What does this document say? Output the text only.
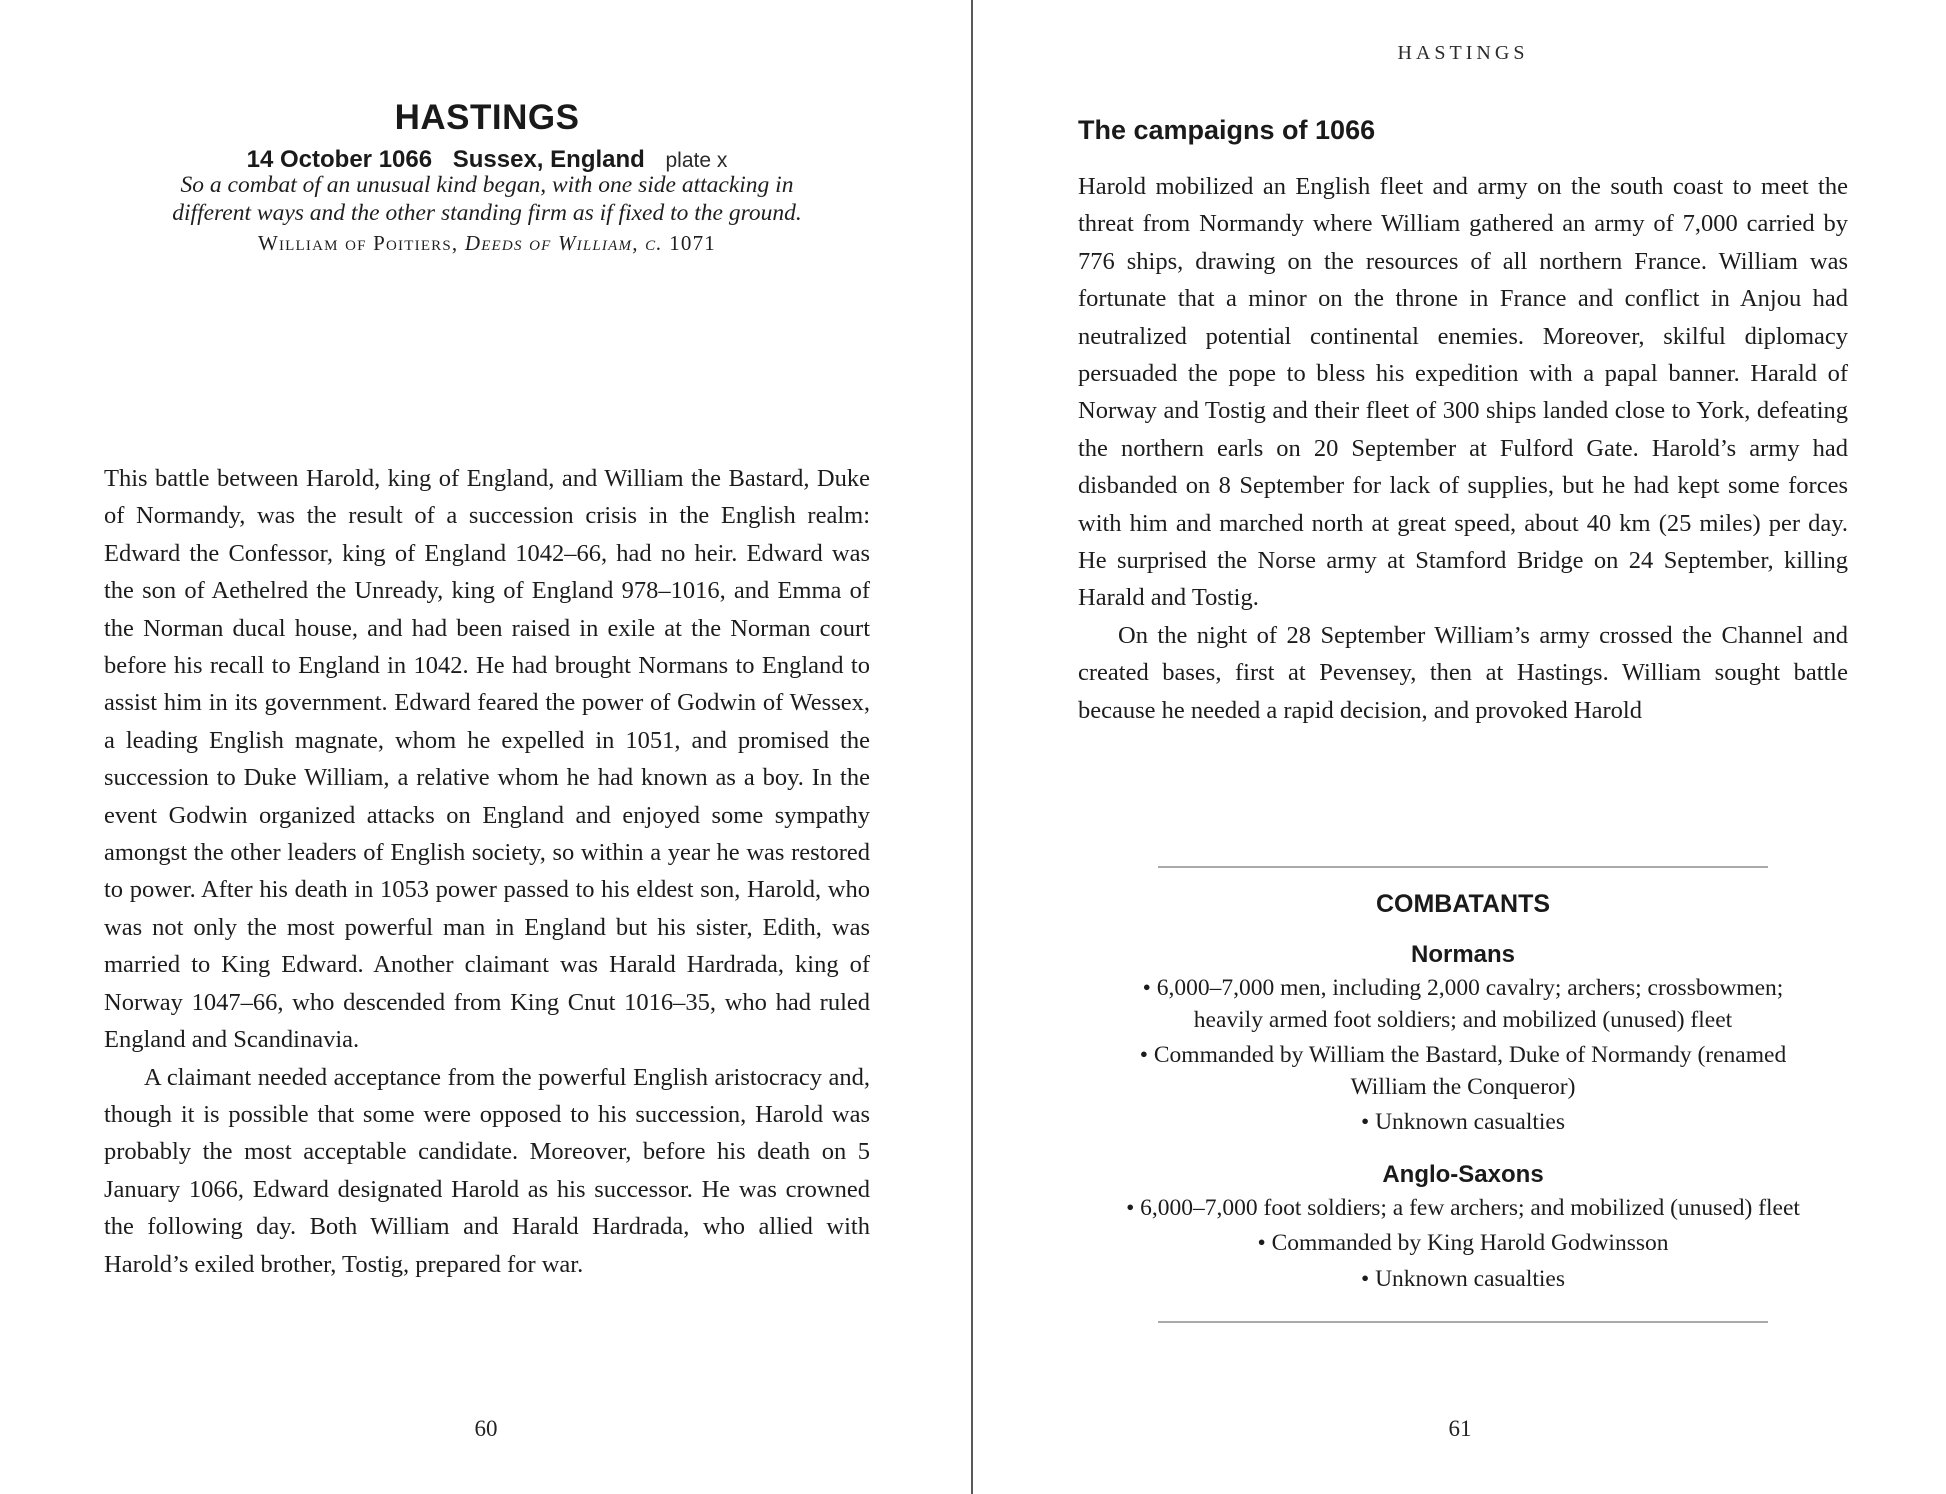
HASTINGS
14 October 1066 Sussex, England plate x
So a combat of an unusual kind began, with one side attacking in
different ways and the other standing firm as if fixed to the ground.
William of Poitiers, Deeds of William, c. 1071

This battle between Harold, king of England, and William the Bastard, Duke of Normandy, was the result of a succession crisis in the English realm: Edward the Confessor, king of England 1042–66, had no heir. Edward was the son of Aethelred the Unready, king of England 978–1016, and Emma of the Norman ducal house, and had been raised in exile at the Norman court before his recall to England in 1042. He had brought Normans to England to assist him in its government. Edward feared the power of Godwin of Wessex, a leading English magnate, whom he expelled in 1051, and promised the succession to Duke William, a relative whom he had known as a boy. In the event Godwin organized attacks on England and enjoyed some sympathy amongst the other leaders of English society, so within a year he was restored to power. After his death in 1053 power passed to his eldest son, Harold, who was not only the most powerful man in England but his sister, Edith, was married to King Edward. Another claimant was Harald Hardrada, king of Norway 1047–66, who descended from King Cnut 1016–35, who had ruled England and Scandinavia.

A claimant needed acceptance from the powerful English aristocracy and, though it is possible that some were opposed to his succession, Harold was probably the most acceptable candidate. Moreover, before his death on 5 January 1066, Edward designated Harold as his successor. He was crowned the following day. Both William and Harald Hardrada, who allied with Harold’s exiled brother, Tostig, prepared for war.

60
HASTINGS
The campaigns of 1066

Harold mobilized an English fleet and army on the south coast to meet the threat from Normandy where William gathered an army of 7,000 carried by 776 ships, drawing on the resources of all northern France. William was fortunate that a minor on the throne in France and conflict in Anjou had neutralized potential continental enemies. Moreover, skilful diplomacy persuaded the pope to bless his expedition with a papal banner. Harald of Norway and Tostig and their fleet of 300 ships landed close to York, defeating the northern earls on 20 September at Fulford Gate. Harold’s army had disbanded on 8 September for lack of supplies, but he had kept some forces with him and marched north at great speed, about 40 km (25 miles) per day. He surprised the Norse army at Stamford Bridge on 24 September, killing Harald and Tostig.

On the night of 28 September William’s army crossed the Channel and created bases, first at Pevensey, then at Hastings. William sought battle because he needed a rapid decision, and provoked Harold

COMBATANTS
Normans
• 6,000–7,000 men, including 2,000 cavalry; archers; crossbowmen; heavily armed foot soldiers; and mobilized (unused) fleet
• Commanded by William the Bastard, Duke of Normandy (renamed William the Conqueror)
• Unknown casualties
Anglo-Saxons
• 6,000–7,000 foot soldiers; a few archers; and mobilized (unused) fleet
• Commanded by King Harold Godwinsson
• Unknown casualties
61
